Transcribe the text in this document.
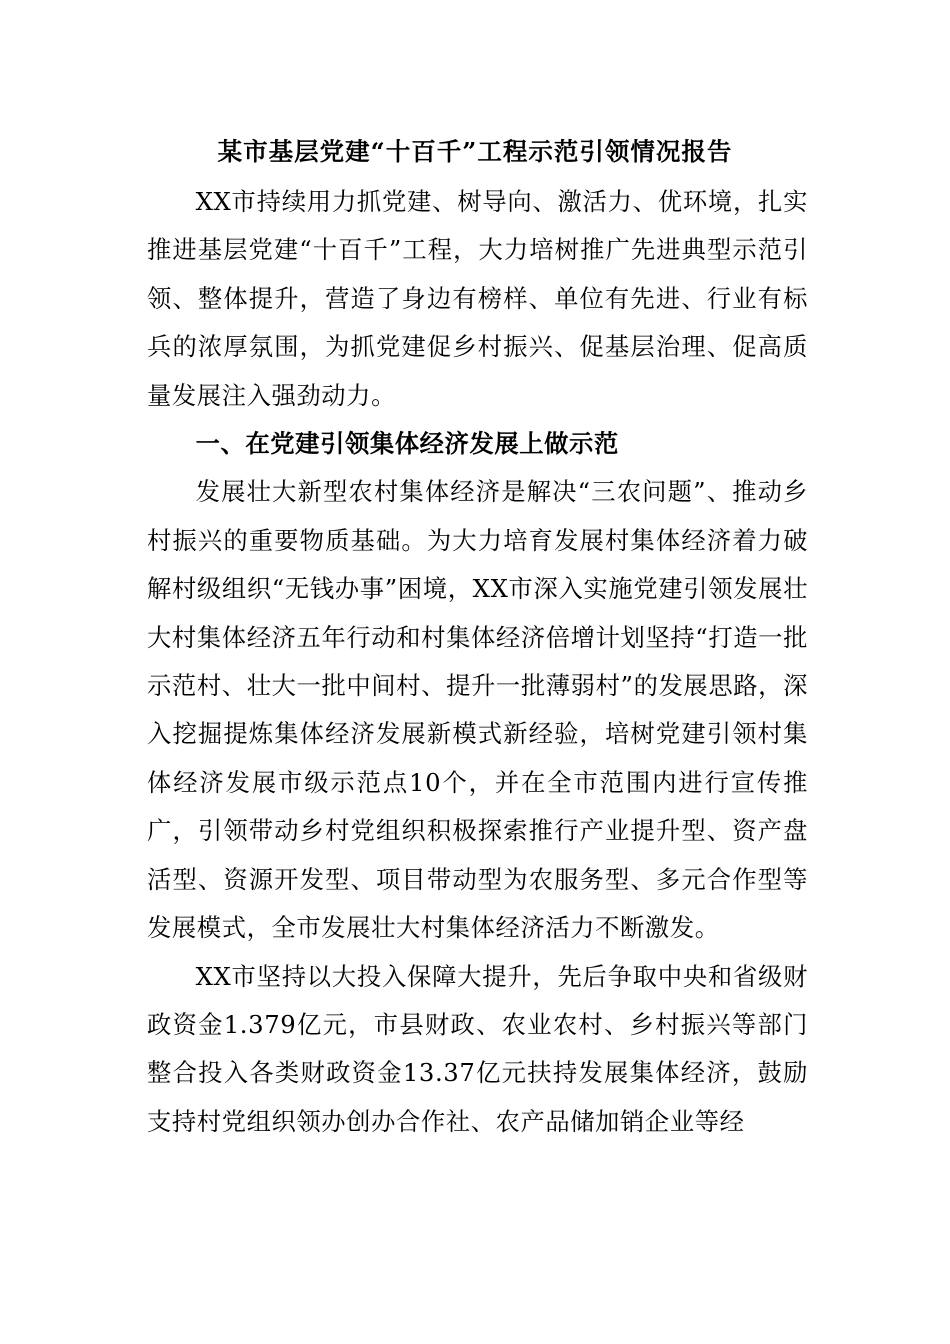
某市基层党建“十百千”工程示范引领情况报告

XX市持续用力抓党建、树导向、激活力、优环境，扎实推进基层党建“十百千”工程，大力培树推广先进典型示范引领、整体提升，营造了身边有榜样、单位有先进、行业有标兵的浓厚氛围，为抓党建促乡村振兴、促基层治理、促高质量发展注入强劲动力。

一、在党建引领集体经济发展上做示范

发展壮大新型农村集体经济是解决“三农问题”、推动乡村振兴的重要物质基础。为大力培育发展村集体经济着力破解村级组织“无钱办事”困境，XX市深入实施党建引领发展壮大村集体经济五年行动和村集体经济倍增计划坚持“打造一批示范村、壮大一批中间村、提升一批薄弱村”的发展思路，深入挖掘提炼集体经济发展新模式新经验，培树党建引领村集体经济发展市级示范点10个，并在全市范围内进行宣传推广，引领带动乡村党组织积极探索推行产业提升型、资产盘活型、资源开发型、项目带动型为农服务型、多元合作型等发展模式，全市发展壮大村集体经济活力不断激发。

XX市坚持以大投入保障大提升，先后争取中央和省级财政资金1.379亿元，市县财政、农业农村、乡村振兴等部门整合投入各类财政资金13.37亿元扶持发展集体经济，鼓励支持村党组织领办创办合作社、农产品储加销企业等经
